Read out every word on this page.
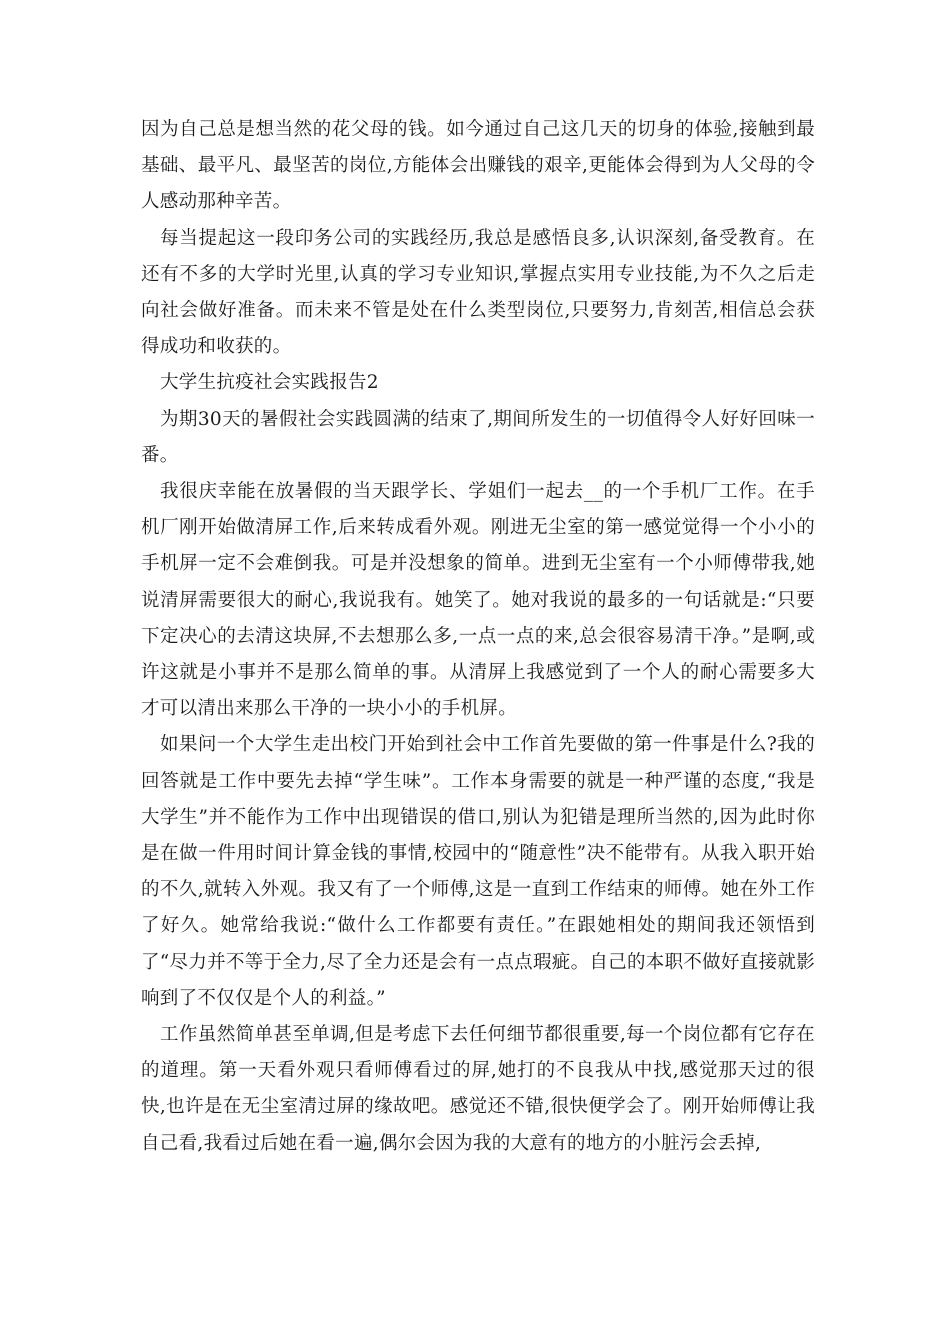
因为自己总是想当然的花父母的钱。如今通过自己这几天的切身的体验,接触到最基础、最平凡、最坚苦的岗位,方能体会出赚钱的艰辛,更能体会得到为人父母的令人感动那种辛苦。

每当提起这一段印务公司的实践经历,我总是感悟良多,认识深刻,备受教育。在还有不多的大学时光里,认真的学习专业知识,掌握点实用专业技能,为不久之后走向社会做好准备。而未来不管是处在什么类型岗位,只要努力,肯刻苦,相信总会获得成功和收获的。

大学生抗疫社会实践报告2

为期30天的暑假社会实践圆满的结束了,期间所发生的一切值得令人好好回味一番。

我很庆幸能在放暑假的当天跟学长、学姐们一起去__的一个手机厂工作。在手机厂刚开始做清屏工作,后来转成看外观。刚进无尘室的第一感觉觉得一个小小的手机屏一定不会难倒我。可是并没想象的简单。进到无尘室有一个小师傅带我,她说清屏需要很大的耐心,我说我有。她笑了。她对我说的最多的一句话就是:“只要下定决心的去清这块屏,不去想那么多,一点一点的来,总会很容易清干净。”是啊,或许这就是小事并不是那么简单的事。从清屏上我感觉到了一个人的耐心需要多大才可以清出来那么干净的一块小小的手机屏。

如果问一个大学生走出校门开始到社会中工作首先要做的第一件事是什么?我的回答就是工作中要先去掉“学生味”。工作本身需要的就是一种严谨的态度,“我是大学生”并不能作为工作中出现错误的借口,别认为犯错是理所当然的,因为此时你是在做一件用时间计算金钱的事情,校园中的“随意性”决不能带有。从我入职开始的不久,就转入外观。我又有了一个师傅,这是一直到工作结束的师傅。她在外工作了好久。她常给我说:“做什么工作都要有责任。”在跟她相处的期间我还领悟到了“尽力并不等于全力,尽了全力还是会有一点点瑕疵。自己的本职不做好直接就影响到了不仅仅是个人的利益。”

工作虽然简单甚至单调,但是考虑下去任何细节都很重要,每一个岗位都有它存在的道理。第一天看外观只看师傅看过的屏,她打的不良我从中找,感觉那天过的很快,也许是在无尘室清过屏的缘故吧。感觉还不错,很快便学会了。刚开始师傅让我自己看,我看过后她在看一遍,偶尔会因为我的大意有的地方的小脏污会丢掉,
